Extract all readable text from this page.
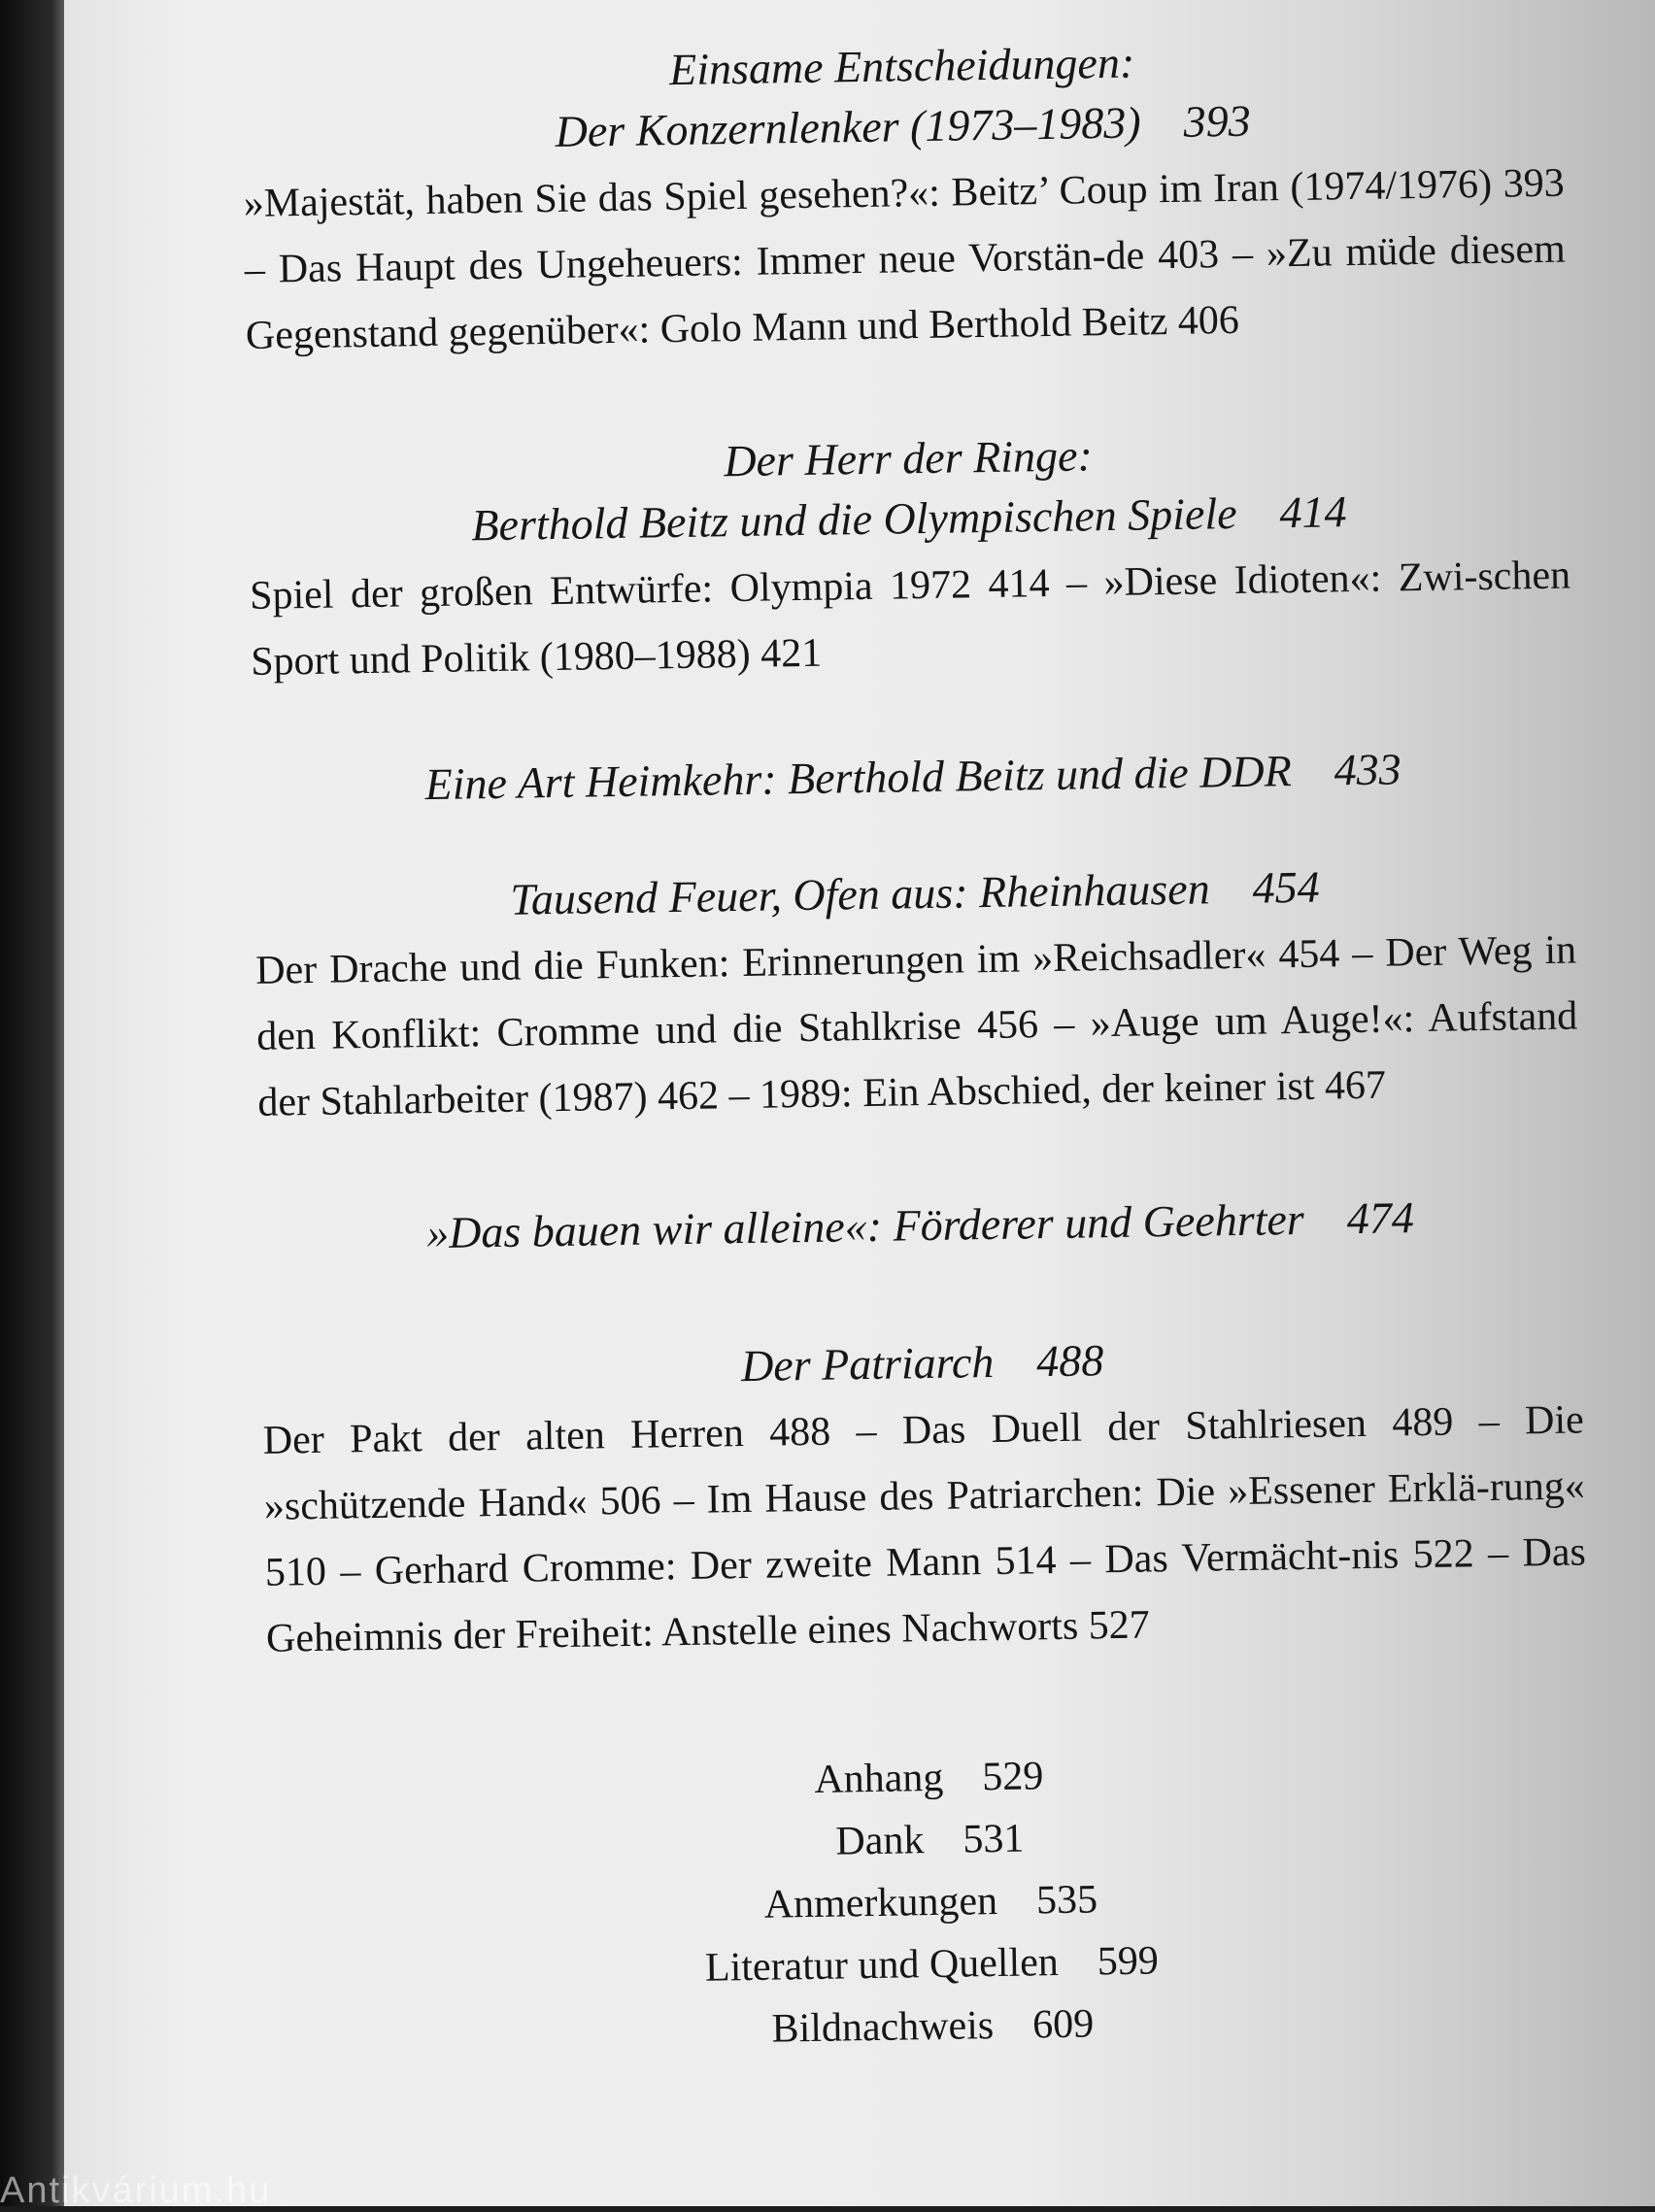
Einsame Entscheidungen:

Der Konzernlenker (1973–1983) 393

»Majestät, haben Sie das Spiel gesehen?«: Beitz’ Coup im Iran (1974/1976) 393 – Das Haupt des Ungeheuers: Immer neue Vorstän-de 403 – »Zu müde diesem Gegenstand gegenüber«: Golo Mann und Berthold Beitz 406

Der Herr der Ringe:

Berthold Beitz und die Olympischen Spiele 414

Spiel der großen Entwürfe: Olympia 1972 414 – »Diese Idioten«: Zwi-schen Sport und Politik (1980–1988) 421

Eine Art Heimkehr: Berthold Beitz und die DDR 433

Tausend Feuer, Ofen aus: Rheinhausen 454

Der Drache und die Funken: Erinnerungen im »Reichsadler« 454 – Der Weg in den Konflikt: Cromme und die Stahlkrise 456 – »Auge um Auge!«: Aufstand der Stahlarbeiter (1987) 462 – 1989: Ein Abschied, der keiner ist 467

»Das bauen wir alleine«: Förderer und Geehrter 474

Der Patriarch 488

Der Pakt der alten Herren 488 – Das Duell der Stahlriesen 489 – Die »schützende Hand« 506 – Im Hause des Patriarchen: Die »Essener Erklä-rung« 510 – Gerhard Cromme: Der zweite Mann 514 – Das Vermächt-nis 522 – Das Geheimnis der Freiheit: Anstelle eines Nachworts 527

Anhang 529
Dank 531
Anmerkungen 535
Literatur und Quellen 599
Bildnachweis 609
Antikvárium.hu
